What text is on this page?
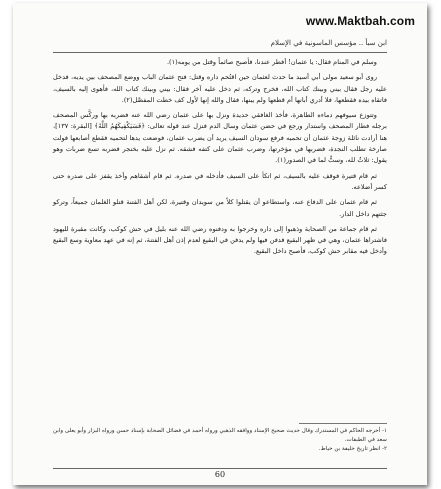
www.Maktbah.com
ابن سبأ .. مؤسس الماسونية في الإسلام

وسلم في المنام فقال: يا عثمان! أفطر عندنا، فأصبح صائماً وقتل من يومه(١).

روى أبو سعيد مولى أبي أسيد ما حدث لعثمان حين اقتُحم داره وقتل: فتح عثمان الباب ووضع المصحف بين يديه، فدخل عليه رجل فقال بيني وبينك كتاب الله، فخرج وتركه، ثم دخل عليه آخر فقال: بيني وبينك كتاب الله، فأهوى إليه بالسيف، فاتقاه بيده فقطعها، فلا أدري أبانها أم قطعها ولم يبنها، فقال والله إنها لأول كف خطت المفصَّل(٢).

وتتوزع سيوفهم دماءه الطاهرة، فأخذ الغافقي حديدة ونزل بها على عثمان رضي الله عنه فضربه بها وركَّس المصحف برجله فطار المصحف واستدار ورجع في حضن عثمان وسال الدم فنزل عند قوله تعالى: ﴿فَسَيَكْفِيكَهُمُ اللَّهُ﴾ [البقرة: ١٣٧]، هنا أرادت نائلة زوجة عثمان أن تحميه فرفع سودان السيف يريد أن يضرب عثمان، فوضعت يدها لتحميه فقطع أصابعها فولت صارخة تطلب النجدة، فضربها في مؤخرتها، وضرب عثمان على كتفه فشقه. ثم نزل عليه بخنجر فضربه تسع ضربات وهو يقول: ثلاثٌ لله، وستٌّ لما في الصدور(١).

ثم قام قتيرة فوقف عليه بالسيف، ثم اتكأ على السيف فأدخله في صدره. ثم قام أشقاهم وأخذ يقفز على صدره حتى كسر أضلاعه.

ثم قام عثمان على الدفاع عنه، واستطاعو أن يقتلوا كلاً من سويدان وقتيرة، لكن أهل الفتنة قتلو الغلمان جميعاً، وتركو جثتهم داخل الدار.

ثم قام جماعة من الصحابة وذهبوا إلى داره وخرجوا به ودفنوه رضي الله عنه بليل في حش كوكب، وكانت مقبرة لليهود فاشتراها عثمان، وهي في ظهر البقيع فدفن فيها ولم يدفن في البقيع لعدم إذن أهل الفتنة، ثم إنه في عهد معاوية وسع البقيع وأدخل فيه مقابر حش كوكب، فأصبح داخل البقيع.

١- أخرجه الحاكم في المستدرك وقال حديث صحيح الإسناد ووافقه الذهبي ورواه أحمد في فضائل الصحابة بإسناد حسن ورواه البزار وأبو يعلى وابن سعد في الطبقات.

٢- انظر تاريخ خليفة بن خياط.

60
